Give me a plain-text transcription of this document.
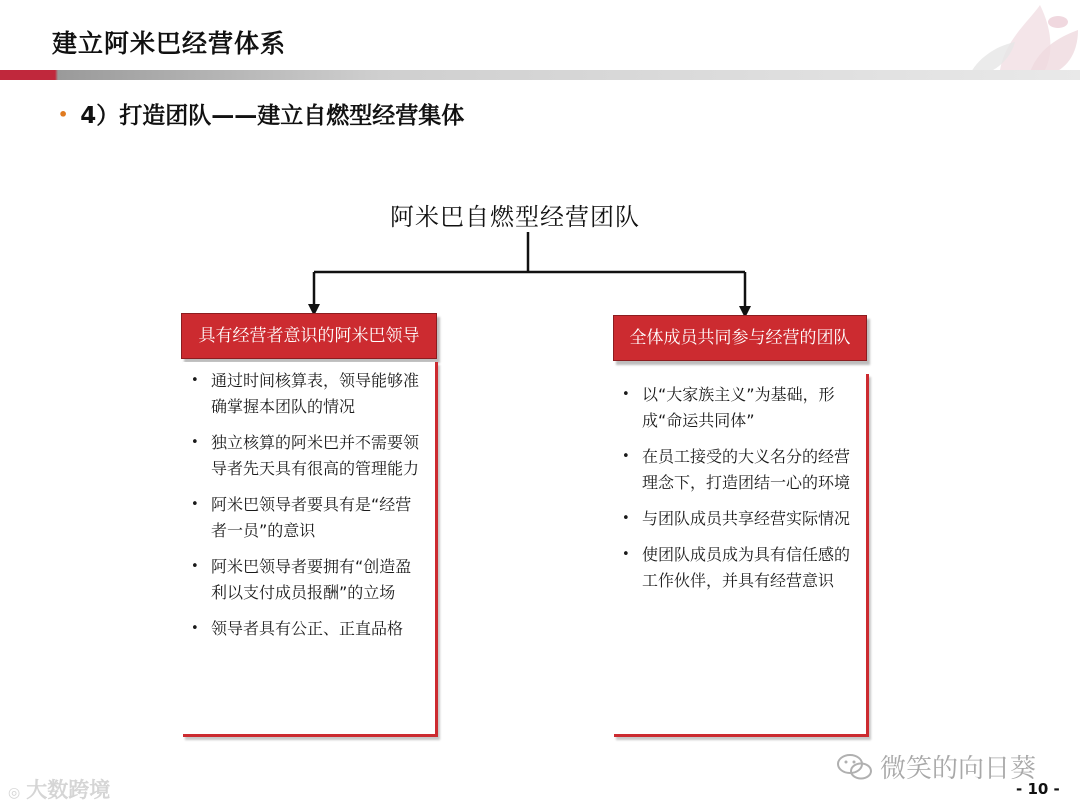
建立阿米巴经营体系
• 4）打造团队——建立自燃型经营集体
阿米巴自燃型经营团队
具有经营者意识的阿米巴领导
• 通过时间核算表，领导能够准确掌握本团队的情况
• 独立核算的阿米巴并不需要领导者先天具有很高的管理能力
• 阿米巴领导者要具有是“经营者一员”的意识
• 阿米巴领导者要拥有“创造盈利以支付成员报酬”的立场
• 领导者具有公正、正直品格
全体成员共同参与经营的团队
• 以“大家族主义”为基础，形成“命运共同体”
• 在员工接受的大义名分的经营理念下，打造团结一心的环境
• 与团队成员共享经营实际情况
• 使团队成员成为具有信任感的工作伙伴，并具有经营意识
微笑的向日葵
◎ 大数跨境	- 10 -
